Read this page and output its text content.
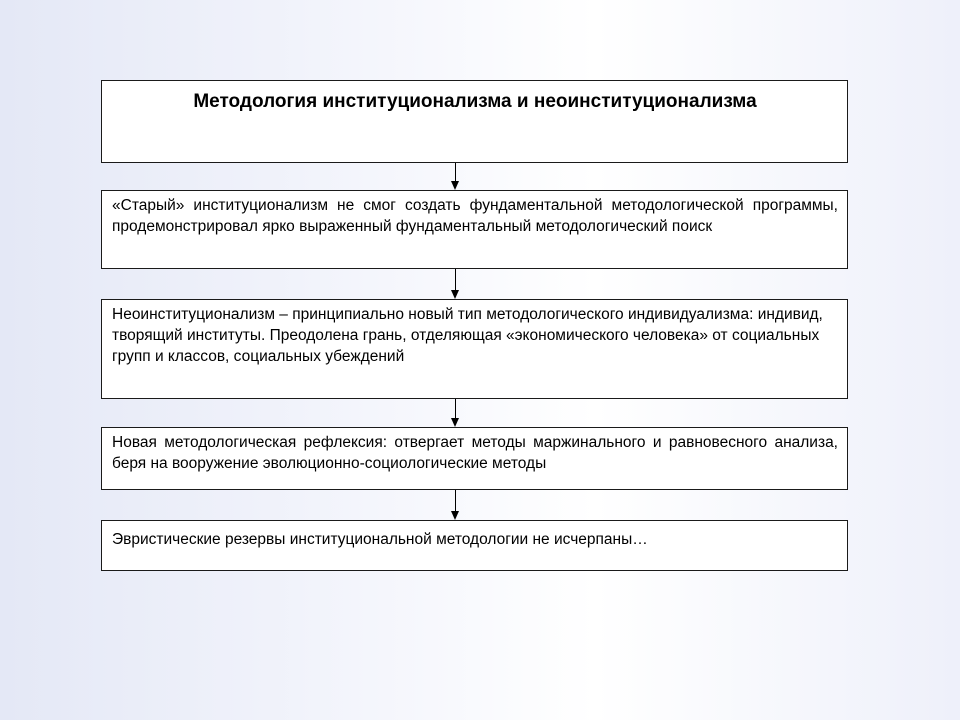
Методология институционализма и неоинституционализма
«Старый» институционализм не смог создать фундаментальной методологической программы, продемонстрировал ярко выраженный фундаментальный методологический поиск
Неоинституционализм – принципиально новый тип методологического индивидуализма: индивид, творящий институты. Преодолена грань, отделяющая «экономического человека» от социальных групп и классов, социальных убеждений
Новая методологическая рефлексия: отвергает методы маржинального и равновесного анализа, беря на вооружение эволюционно-социологические методы
Эвристические резервы институциональной методологии не исчерпаны…
